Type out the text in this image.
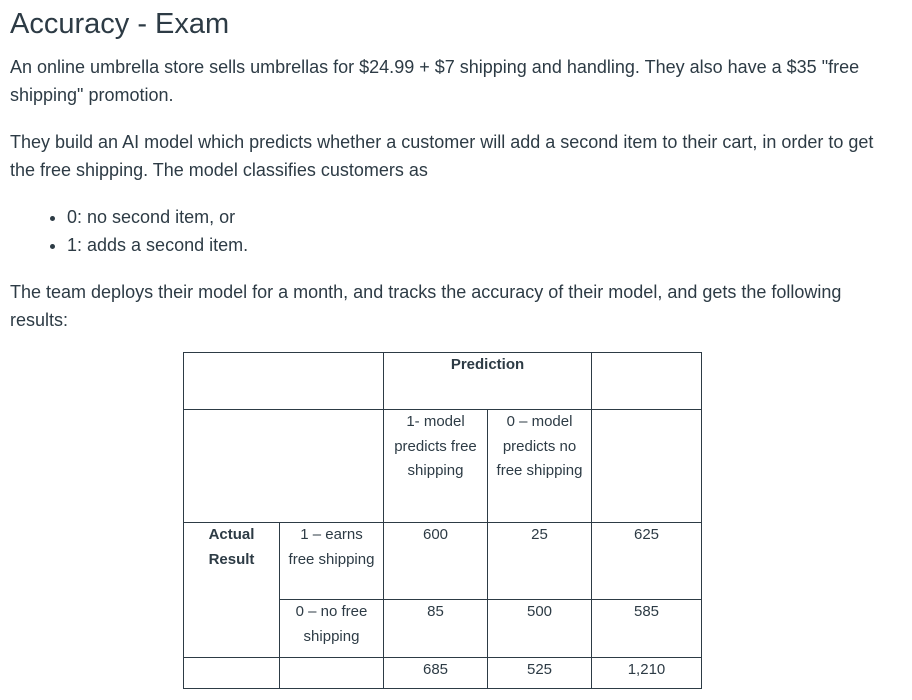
Accuracy - Exam

An online umbrella store sells umbrellas for $24.99 + $7 shipping and handling. They also have a $35 "free shipping" promotion.

They build an AI model which predicts whether a customer will add a second item to their cart, in order to get the free shipping. The model classifies customers as

• 0: no second item, or
• 1: adds a second item.

The team deploys their model for a month, and tracks the accuracy of their model, and gets the following results:

		Prediction		

		1- model predicts free shipping	0 – model predicts no free shipping	

Actual Result	1 – earns free shipping	600	25	625

	0 – no free shipping	85	500	585
		685	525	1,210
